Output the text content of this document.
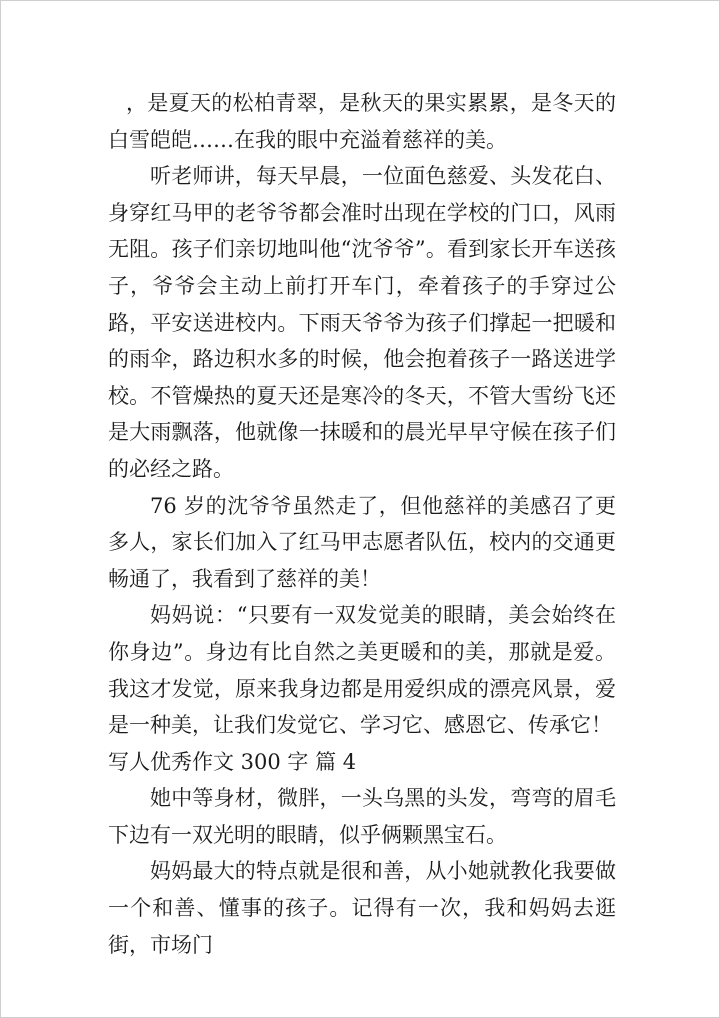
，是夏天的松柏青翠，是秋天的果实累累，是冬天的白雪皑皑……在我的眼中充溢着慈祥的美。

听老师讲，每天早晨，一位面色慈爱、头发花白、身穿红马甲的老爷爷都会准时出现在学校的门口，风雨无阻。孩子们亲切地叫他“沈爷爷”。看到家长开车送孩子，爷爷会主动上前打开车门，牵着孩子的手穿过公路，平安送进校内。下雨天爷爷为孩子们撑起一把暖和的雨伞，路边积水多的时候，他会抱着孩子一路送进学校。不管燥热的夏天还是寒冷的冬天，不管大雪纷飞还是大雨飘落，他就像一抹暖和的晨光早早守候在孩子们的必经之路。

76 岁的沈爷爷虽然走了，但他慈祥的美感召了更多人，家长们加入了红马甲志愿者队伍，校内的交通更畅通了，我看到了慈祥的美！

妈妈说：“只要有一双发觉美的眼睛，美会始终在你身边”。身边有比自然之美更暖和的美，那就是爱。我这才发觉，原来我身边都是用爱织成的漂亮风景，爱是一种美，让我们发觉它、学习它、感恩它、传承它！

写人优秀作文 300 字 篇 4

她中等身材，微胖，一头乌黑的头发，弯弯的眉毛下边有一双光明的眼睛，似乎俩颗黑宝石。

妈妈最大的特点就是很和善，从小她就教化我要做一个和善、懂事的孩子。记得有一次，我和妈妈去逛街，市场门
